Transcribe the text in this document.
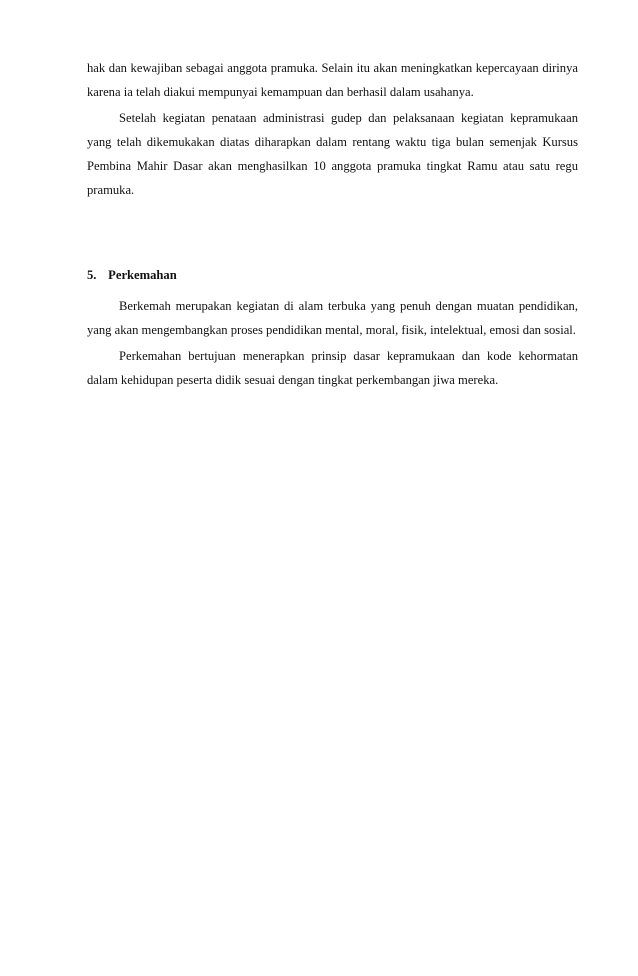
hak dan kewajiban sebagai anggota pramuka. Selain itu akan meningkatkan kepercayaan dirinya karena ia telah diakui mempunyai kemampuan dan berhasil dalam usahanya.

Setelah kegiatan penataan administrasi gudep dan pelaksanaan kegiatan kepramukaan yang telah dikemukakan diatas diharapkan dalam rentang waktu tiga bulan semenjak Kursus Pembina Mahir Dasar akan menghasilkan 10 anggota pramuka tingkat Ramu atau satu regu pramuka.

5. Perkemahan

Berkemah merupakan kegiatan di alam terbuka yang penuh dengan muatan pendidikan, yang akan mengembangkan proses pendidikan mental, moral, fisik, intelektual, emosi dan sosial.

Perkemahan bertujuan menerapkan prinsip dasar kepramukaan dan kode kehormatan dalam kehidupan peserta didik sesuai dengan tingkat perkembangan jiwa mereka.
